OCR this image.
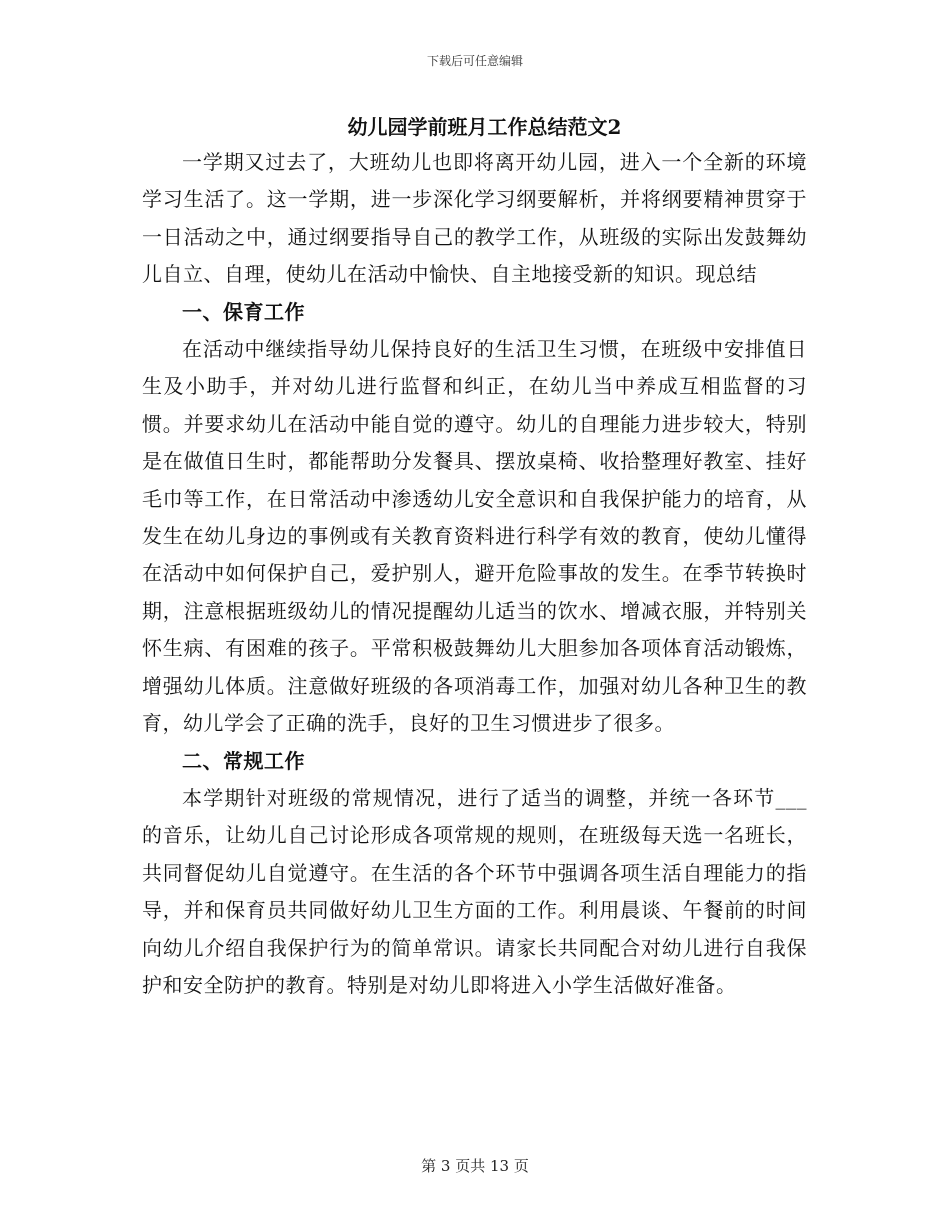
下载后可任意编辑
幼儿园学前班月工作总结范文2

一学期又过去了，大班幼儿也即将离开幼儿园，进入一个全新的环境学习生活了。这一学期，进一步深化学习纲要解析，并将纲要精神贯穿于一日活动之中，通过纲要指导自己的教学工作，从班级的实际出发鼓舞幼儿自立、自理，使幼儿在活动中愉快、自主地接受新的知识。现总结

一、保育工作

在活动中继续指导幼儿保持良好的生活卫生习惯，在班级中安排值日生及小助手，并对幼儿进行监督和纠正，在幼儿当中养成互相监督的习惯。并要求幼儿在活动中能自觉的遵守。幼儿的自理能力进步较大，特别是在做值日生时，都能帮助分发餐具、摆放桌椅、收拾整理好教室、挂好毛巾等工作，在日常活动中渗透幼儿安全意识和自我保护能力的培育，从发生在幼儿身边的事例或有关教育资料进行科学有效的教育，使幼儿懂得在活动中如何保护自己，爱护别人，避开危险事故的发生。在季节转换时期，注意根据班级幼儿的情况提醒幼儿适当的饮水、增减衣服，并特别关怀生病、有困难的孩子。平常积极鼓舞幼儿大胆参加各项体育活动锻炼，增强幼儿体质。注意做好班级的各项消毒工作，加强对幼儿各种卫生的教育，幼儿学会了正确的洗手，良好的卫生习惯进步了很多。

二、常规工作

本学期针对班级的常规情况，进行了适当的调整，并统一各环节___的音乐，让幼儿自己讨论形成各项常规的规则，在班级每天选一名班长，共同督促幼儿自觉遵守。在生活的各个环节中强调各项生活自理能力的指导，并和保育员共同做好幼儿卫生方面的工作。利用晨谈、午餐前的时间向幼儿介绍自我保护行为的简单常识。请家长共同配合对幼儿进行自我保护和安全防护的教育。特别是对幼儿即将进入小学生活做好准备。

第 3 页共 13 页
